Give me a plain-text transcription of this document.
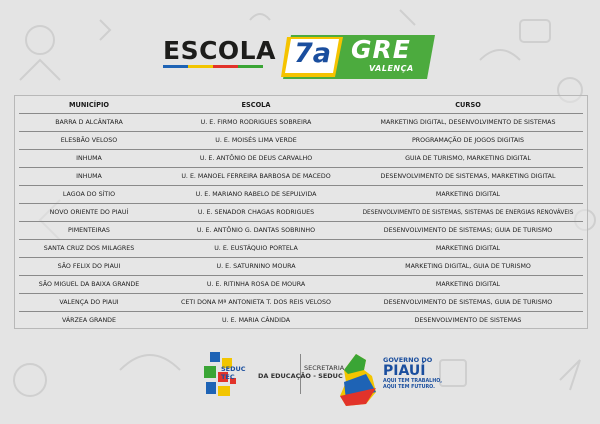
ESCOLA 7a GRE
VALENÇA
MUNICÍPIO	ESCOLA	CURSO
BARRA D ALCÂNTARA	U. E. FIRMO RODRIGUES SOBREIRA	MARKETING DIGITAL, DESENVOLVIMENTO DE SISTEMAS
ELESBÃO VELOSO	U. E. MOISÉS LIMA VERDE	PROGRAMAÇÃO DE JOGOS DIGITAIS
INHUMA	U. E. ANTÔNIO DE DEUS CARVALHO	GUIA DE TURISMO, MARKETING DIGITAL
INHUMA	U. E. MANOEL FERREIRA BARBOSA DE MACEDO	DESENVOLVIMENTO DE SISTEMAS, MARKETING DIGITAL
LAGOA DO SÍTIO	U. E. MARIANO RABELO DE SEPULVIDA	MARKETING DIGITAL
NOVO ORIENTE DO PIAUÍ	U. E. SENADOR CHAGAS RODRIGUES	DESENVOLVIMENTO DE SISTEMAS, SISTEMAS DE ENERGIAS RENOVÁVEIS
PIMENTEIRAS	U. E. ANTÔNIO G. DANTAS SOBRINHO	DESENVOLVIMENTO DE SISTEMAS; GUIA DE TURISMO
SANTA CRUZ DOS MILAGRES	U. E. EUSTÁQUIO PORTELA	MARKETING DIGITAL
SÃO FELIX DO PIAUI	U. E. SATURNINO MOURA	MARKETING DIGITAL, GUIA DE TURISMO
SÃO MIGUEL DA BAIXA GRANDE	U. E. RITINHA ROSA DE MOURA	MARKETING DIGITAL
VALENÇA DO PIAUI	CETI DONA Mª ANTONIETA T. DOS REIS VELOSO	DESENVOLVIMENTO DE SISTEMAS, GUIA DE TURISMO
VÁRZEA GRANDE	U. E. MARIA CÂNDIDA	DESENVOLVIMENTO DE SISTEMAS
SEDUC
TEC
SECRETARIA
DA EDUCAÇÃO - SEDUC
GOVERNO DO
PIAUÍ
AQUI TEM TRABALHO,
AQUI TEM FUTURO.
